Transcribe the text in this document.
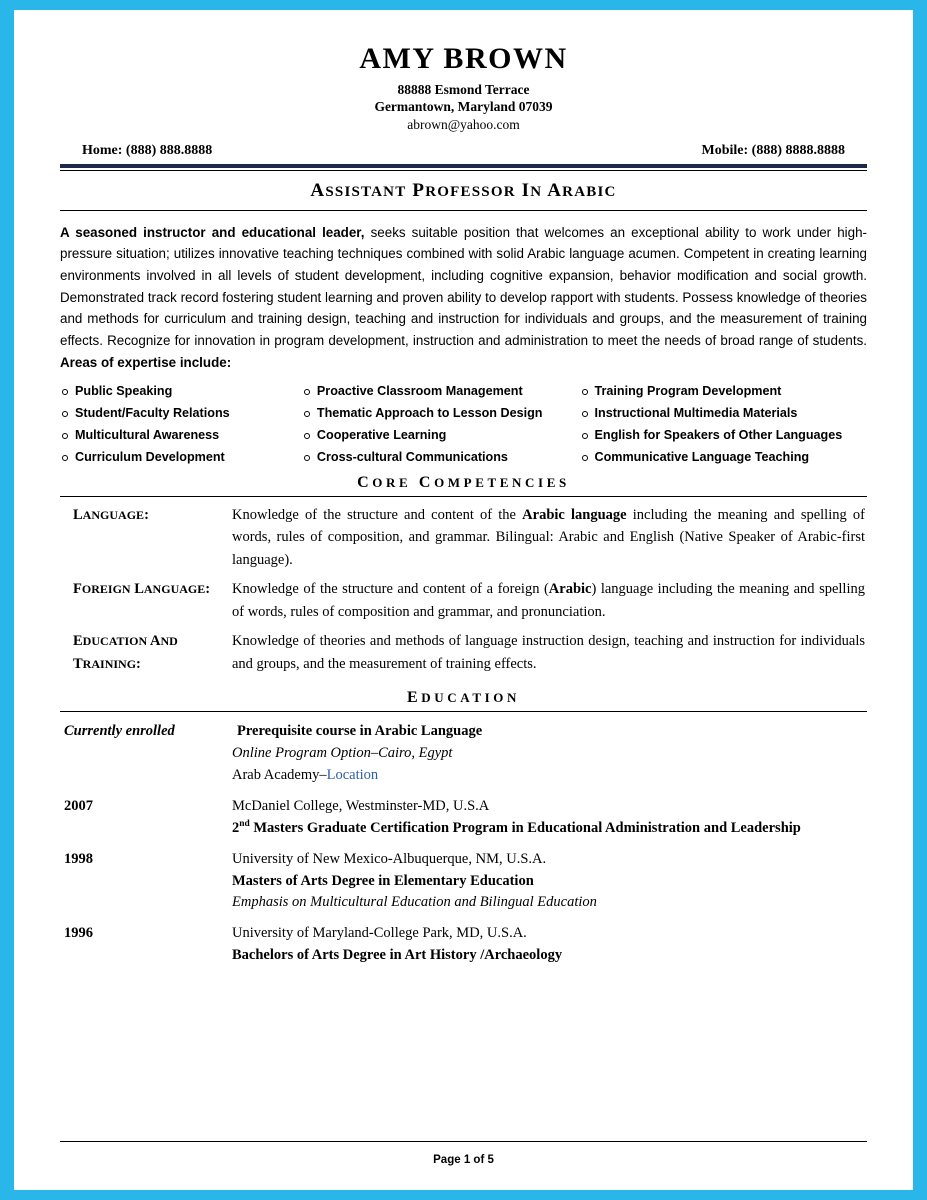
AMY BROWN
88888 Esmond Terrace
Germantown, Maryland 07039
abrown@yahoo.com
Home: (888) 888.8888	Mobile: (888) 8888.8888
ASSISTANT PROFESSOR IN ARABIC
A seasoned instructor and educational leader, seeks suitable position that welcomes an exceptional ability to work under high-pressure situation; utilizes innovative teaching techniques combined with solid Arabic language acumen. Competent in creating learning environments involved in all levels of student development, including cognitive expansion, behavior modification and social growth. Demonstrated track record fostering student learning and proven ability to develop rapport with students. Possess knowledge of theories and methods for curriculum and training design, teaching and instruction for individuals and groups, and the measurement of training effects. Recognize for innovation in program development, instruction and administration to meet the needs of broad range of students. Areas of expertise include:
Public Speaking
Student/Faculty Relations
Multicultural Awareness
Curriculum Development
Proactive Classroom Management
Thematic Approach to Lesson Design
Cooperative Learning
Cross-cultural Communications
Training Program Development
Instructional Multimedia Materials
English for Speakers of Other Languages
Communicative Language Teaching
CORE COMPETENCIES
LANGUAGE:	Knowledge of the structure and content of the Arabic language including the meaning and spelling of words, rules of composition, and grammar. Bilingual: Arabic and English (Native Speaker of Arabic-first language).
FOREIGN LANGUAGE:	Knowledge of the structure and content of a foreign (Arabic) language including the meaning and spelling of words, rules of composition and grammar, and pronunciation.
EDUCATION AND TRAINING:
Knowledge of theories and methods of language instruction design, teaching and instruction for individuals and groups, and the measurement of training effects.
EDUCATION
Currently enrolled	Prerequisite course in Arabic Language
Online Program Option–Cairo, Egypt
Arab Academy–Location
2007	McDaniel College, Westminster-MD, U.S.A
2nd Masters Graduate Certification Program in Educational Administration and Leadership
1998	University of New Mexico-Albuquerque, NM, U.S.A.
Masters of Arts Degree in Elementary Education
Emphasis on Multicultural Education and Bilingual Education
1996	University of Maryland-College Park, MD, U.S.A.
Bachelors of Arts Degree in Art History /Archaeology
Page 1 of 5
